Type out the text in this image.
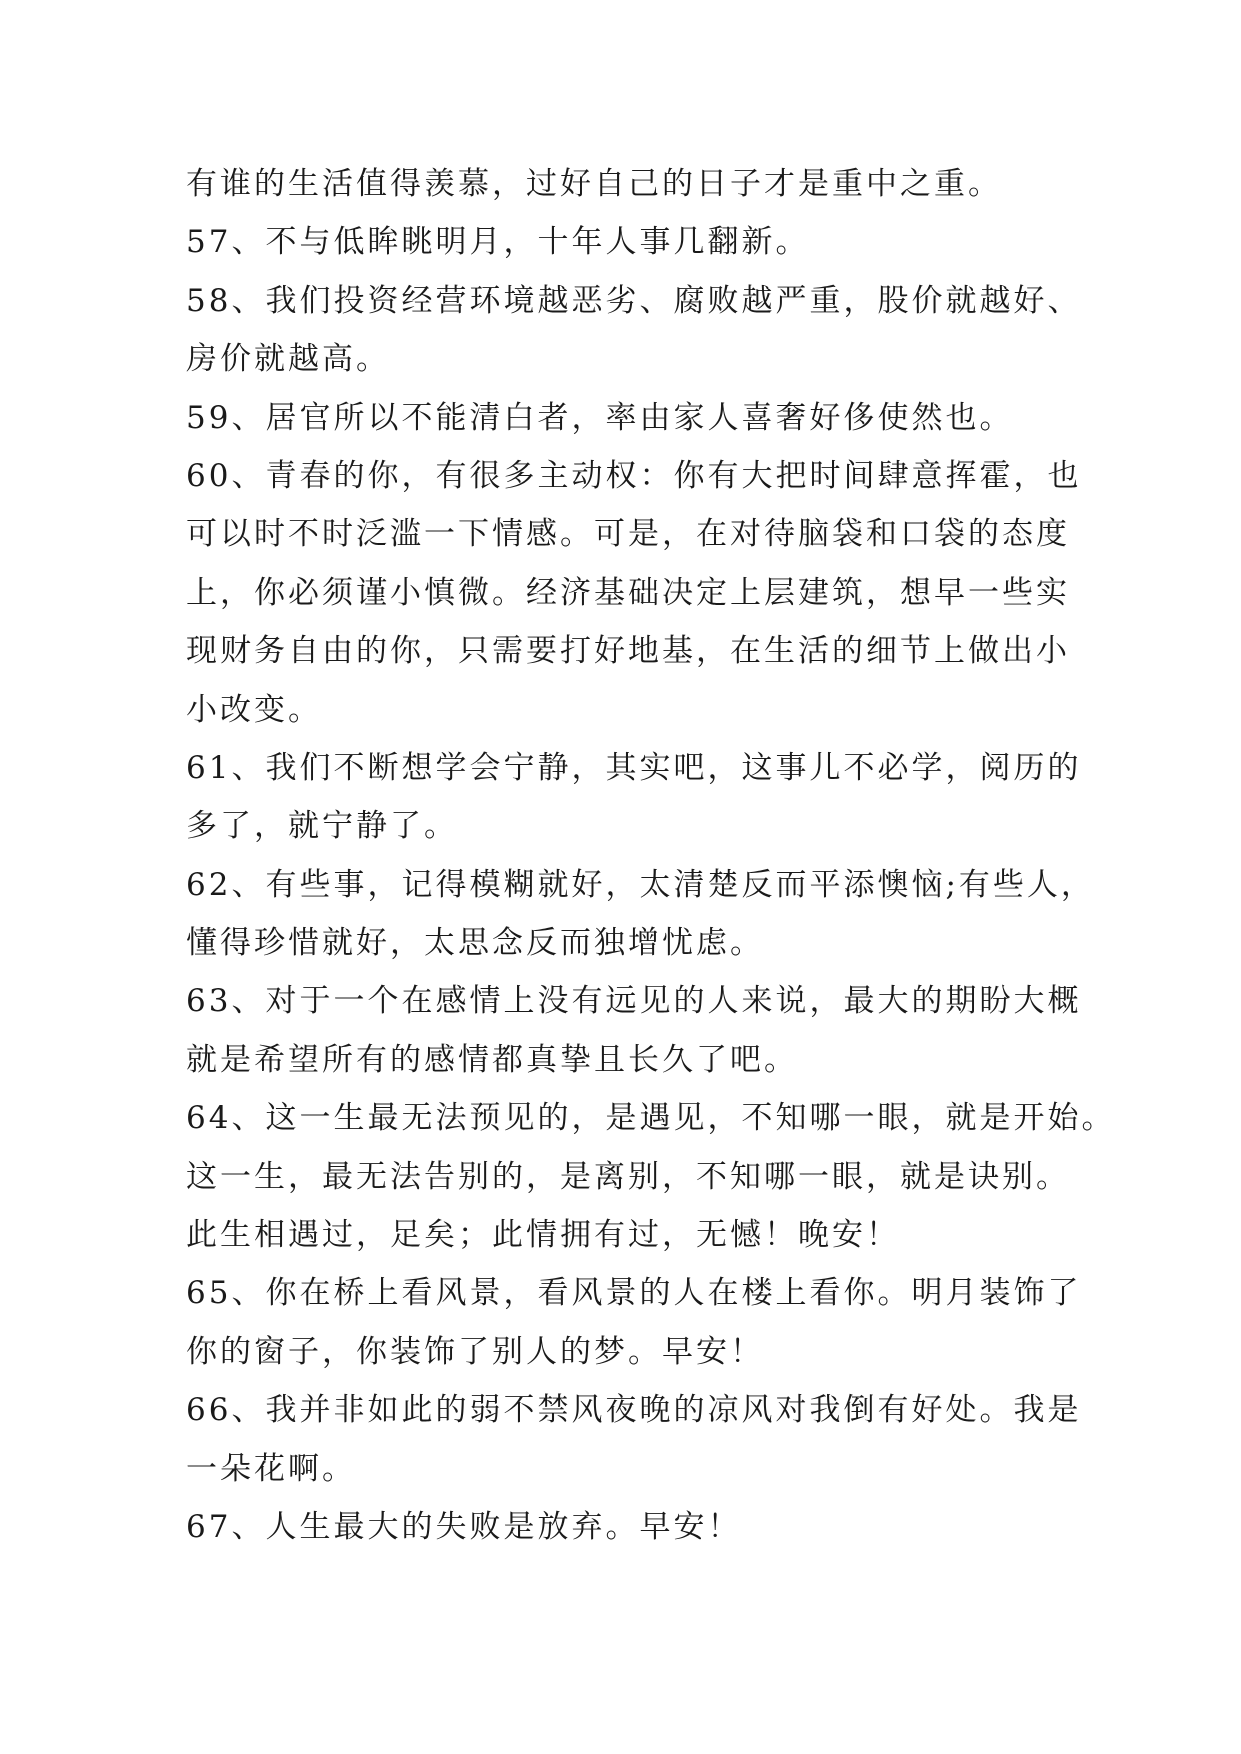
有谁的生活值得羡慕，过好自己的日子才是重中之重。
57、不与低眸眺明月，十年人事几翻新。
58、我们投资经营环境越恶劣、腐败越严重，股价就越好、
房价就越高。
59、居官所以不能清白者，率由家人喜奢好侈使然也。
60、青春的你，有很多主动权：你有大把时间肆意挥霍，也
可以时不时泛滥一下情感。可是，在对待脑袋和口袋的态度
上，你必须谨小慎微。经济基础决定上层建筑，想早一些实
现财务自由的你，只需要打好地基，在生活的细节上做出小
小改变。
61、我们不断想学会宁静，其实吧，这事儿不必学，阅历的
多了，就宁静了。
62、有些事，记得模糊就好，太清楚反而平添懊恼;有些人，
懂得珍惜就好，太思念反而独增忧虑。
63、对于一个在感情上没有远见的人来说，最大的期盼大概
就是希望所有的感情都真挚且长久了吧。
64、这一生最无法预见的，是遇见，不知哪一眼，就是开始。
这一生，最无法告别的，是离别，不知哪一眼，就是诀别。
此生相遇过，足矣；此情拥有过，无憾！晚安！
65、你在桥上看风景，看风景的人在楼上看你。明月装饰了
你的窗子，你装饰了别人的梦。早安！
66、我并非如此的弱不禁风夜晚的凉风对我倒有好处。我是
一朵花啊。
67、人生最大的失败是放弃。早安！
